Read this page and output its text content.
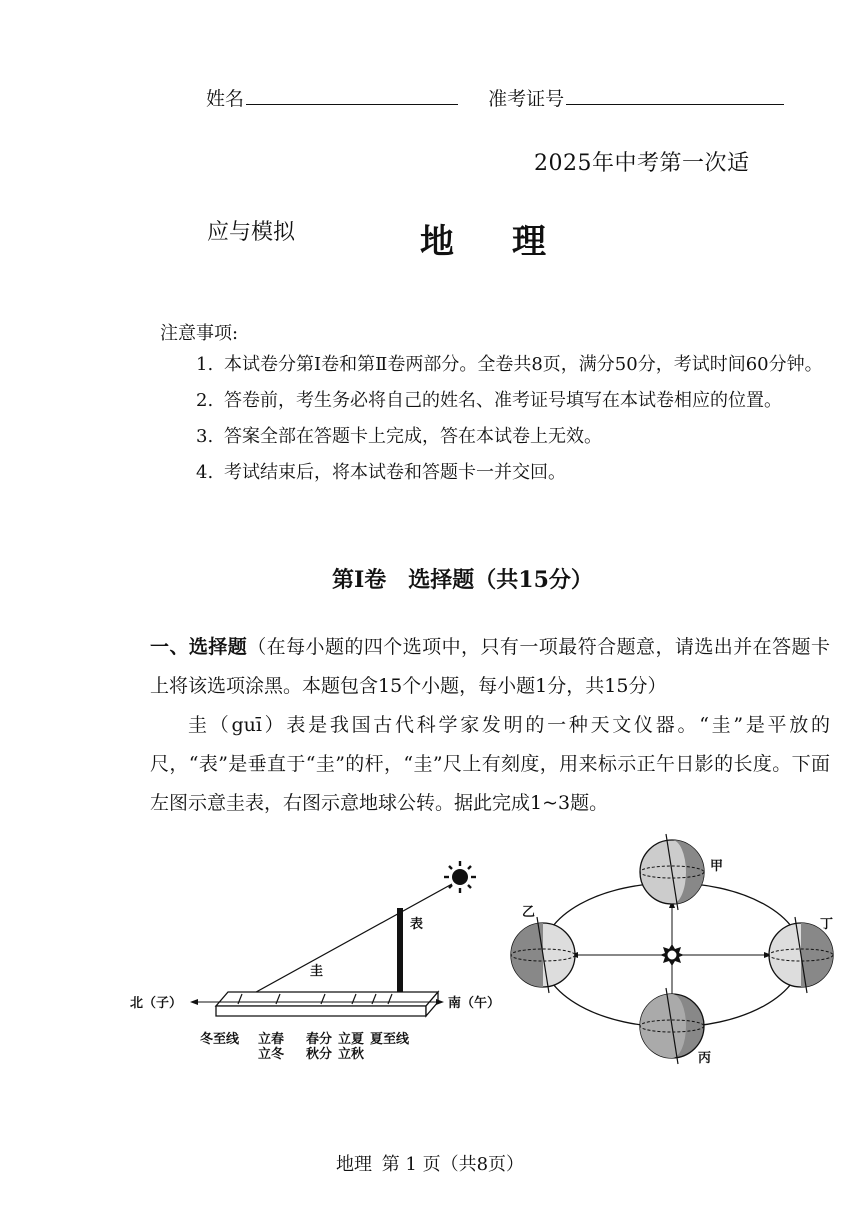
姓名	准考证号
2025年中考第一次适
应与模拟	地理
注意事项:
1. 本试卷分第Ⅰ卷和第Ⅱ卷两部分。全卷共8页，满分50分，考试时间60分钟。
2. 答卷前，考生务必将自己的姓名、准考证号填写在本试卷相应的位置。
3. 答案全部在答题卡上完成，答在本试卷上无效。
4. 考试结束后，将本试卷和答题卡一并交回。
第Ⅰ卷　选择题（共15分）

一、选择题（在每小题的四个选项中，只有一项最符合题意，请选出并在答题卡上将该选项涂黑。本题包含15个小题，每小题1分，共15分）

圭（guī）表是我国古代科学家发明的一种天文仪器。“圭”是平放的尺，“表”是垂直于“圭”的杆，“圭”尺上有刻度，用来标示正午日影的长度。下面左图示意圭表，右图示意地球公转。据此完成1~3题。

表
圭
北（子）	南（午）
冬至线 立春
立冬
春分
秋分
立夏
立秋
夏至线
甲
乙
丁
丙
地理 第 1 页（共8页）
